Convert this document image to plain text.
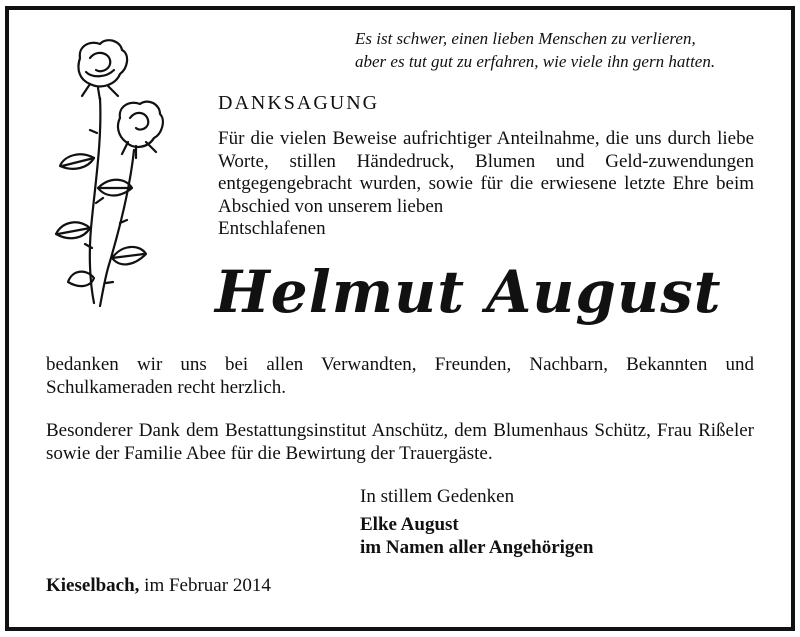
Es ist schwer, einen lieben Menschen zu verlieren,
aber es tut gut zu erfahren, wie viele ihn gern hatten.

DANKSAGUNG

Für die vielen Beweise aufrichtiger Anteilnahme, die uns durch liebe Worte, stillen Händedruck, Blumen und Geld-zuwendungen entgegengebracht wurden, sowie für die erwiesene letzte Ehre beim Abschied von unserem lieben
Entschlafenen

Helmut August

bedanken wir uns bei allen Verwandten, Freunden, Nachbarn, Bekannten und Schulkameraden recht herzlich.

Besonderer Dank dem Bestattungsinstitut Anschütz, dem Blumenhaus Schütz, Frau Rißeler sowie der Familie Abee für die Bewirtung der Trauergäste.

In stillem Gedenken

Elke August
im Namen aller Angehörigen

Kieselbach, im Februar 2014
